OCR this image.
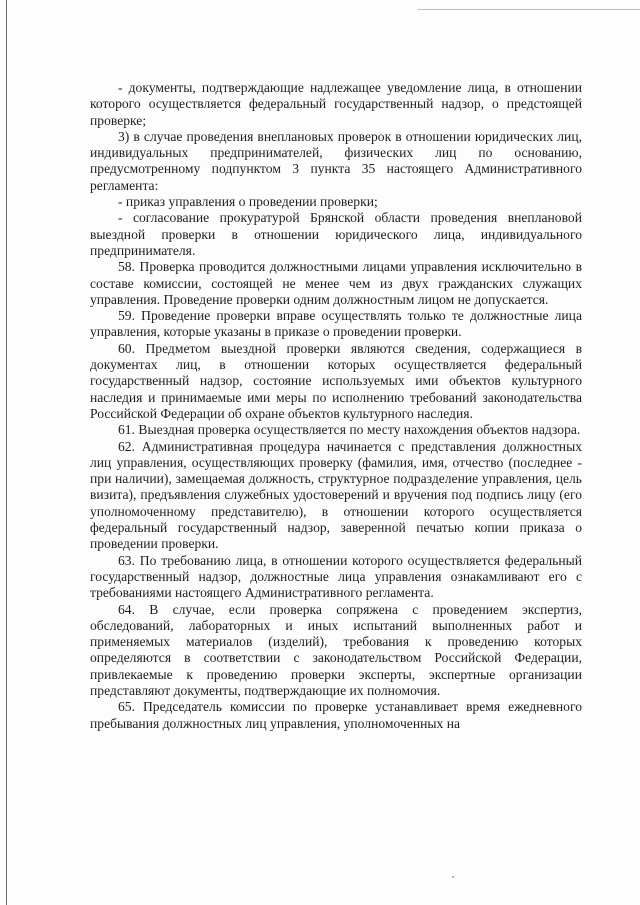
- документы, подтверждающие надлежащее уведомление лица, в отношении которого осуществляется федеральный государственный надзор, о предстоящей проверке;

3) в случае проведения внеплановых проверок в отношении юридических лиц, индивидуальных предпринимателей, физических лиц по основанию, предусмотренному подпунктом 3 пункта 35 настоящего Административного регламента:

- приказ управления о проведении проверки;

- согласование прокуратурой Брянской области проведения внеплановой выездной проверки в отношении юридического лица, индивидуального предпринимателя.

58. Проверка проводится должностными лицами управления исключительно в составе комиссии, состоящей не менее чем из двух гражданских служащих управления. Проведение проверки одним должностным лицом не допускается.

59. Проведение проверки вправе осуществлять только те должностные лица управления, которые указаны в приказе о проведении проверки.

60. Предметом выездной проверки являются сведения, содержащиеся в документах лиц, в отношении которых осуществляется федеральный государственный надзор, состояние используемых ими объектов культурного наследия и принимаемые ими меры по исполнению требований законодательства Российской Федерации об охране объектов культурного наследия.

61. Выездная проверка осуществляется по месту нахождения объектов надзора.

62. Административная процедура начинается с представления должностных лиц управления, осуществляющих проверку (фамилия, имя, отчество (последнее - при наличии), замещаемая должность, структурное подразделение управления, цель визита), предъявления служебных удостоверений и вручения под подпись лицу (его уполномоченному представителю), в отношении которого осуществляется федеральный государственный надзор, заверенной печатью копии приказа о проведении проверки.

63. По требованию лица, в отношении которого осуществляется федеральный государственный надзор, должностные лица управления ознакамливают его с требованиями настоящего Административного регламента.

64. В случае, если проверка сопряжена с проведением экспертиз, обследований, лабораторных и иных испытаний выполненных работ и применяемых материалов (изделий), требования к проведению которых определяются в соответствии с законодательством Российской Федерации, привлекаемые к проведению проверки эксперты, экспертные организации представляют документы, подтверждающие их полномочия.

65. Председатель комиссии по проверке устанавливает время ежедневного пребывания должностных лиц управления, уполномоченных на
